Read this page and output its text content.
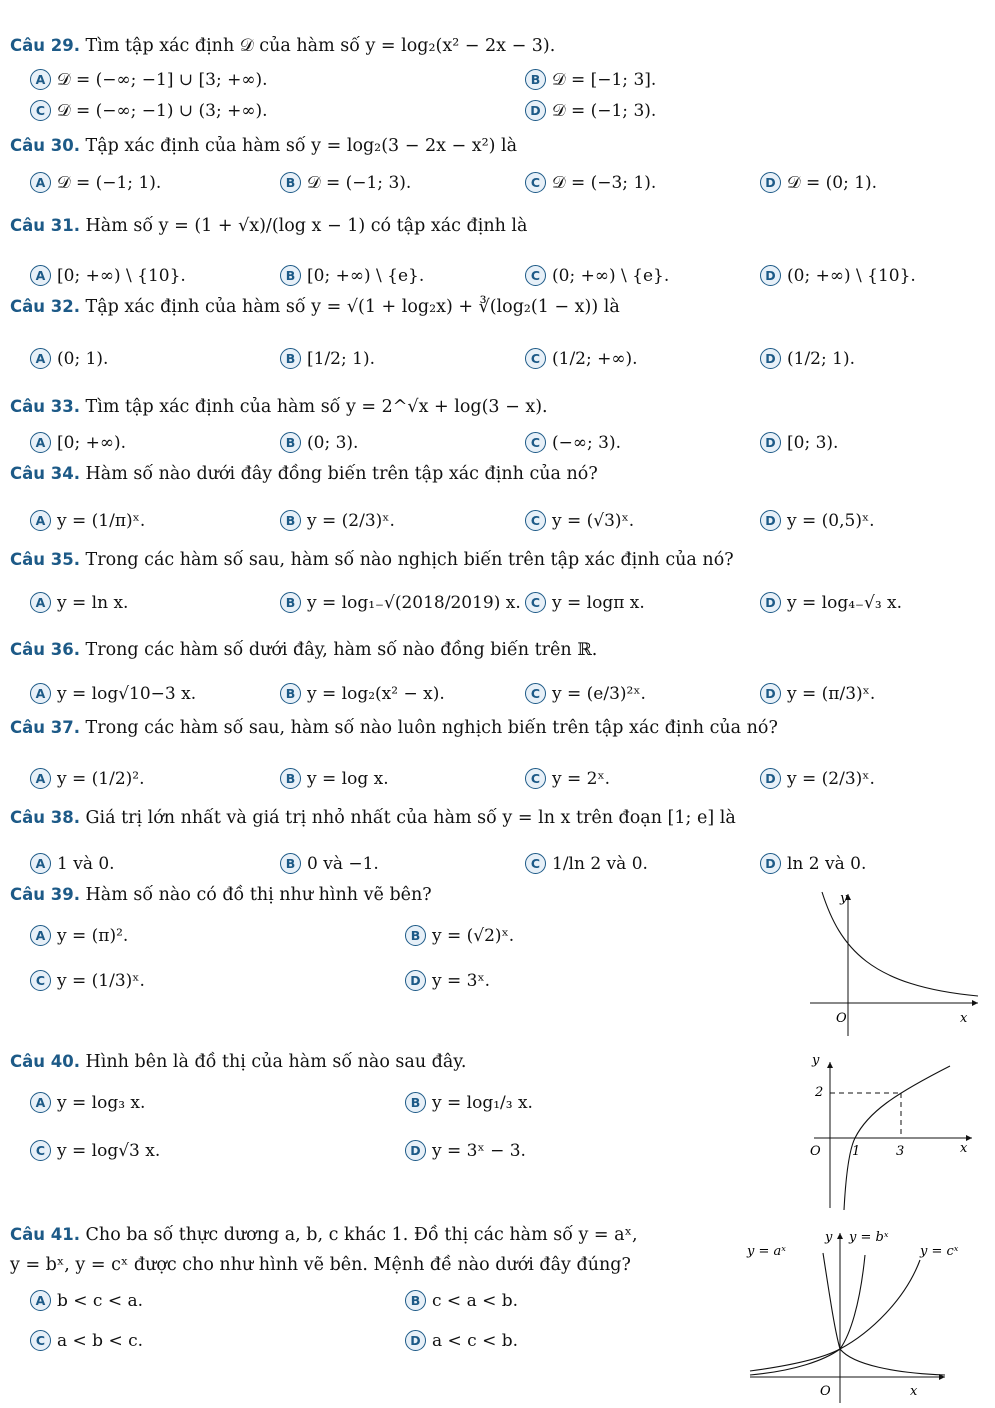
Câu 29. Tìm tập xác định 𝒟 của hàm số y = log₂(x² − 2x − 3).
A 𝒟 = (−∞; −1] ∪ [3; +∞).	B 𝒟 = [−1; 3].
C 𝒟 = (−∞; −1) ∪ (3; +∞).	D 𝒟 = (−1; 3).
Câu 30. Tập xác định của hàm số y = log₂(3 − 2x − x²) là
A 𝒟 = (−1; 1).	B 𝒟 = (−1; 3).	C 𝒟 = (−3; 1).	D 𝒟 = (0; 1).
Câu 31. Hàm số y = (1 + √x)/(log x − 1) có tập xác định là
A [0; +∞) \ {10}.	B [0; +∞) \ {e}.	C (0; +∞) \ {e}.	D (0; +∞) \ {10}.
Câu 32. Tập xác định của hàm số y = √(1 + log₂x) + ∛(log₂(1 − x)) là
A (0; 1).	B [1/2; 1).	C (1/2; +∞).	D (1/2; 1).
Câu 33. Tìm tập xác định của hàm số y = 2^√x + log(3 − x).
A [0; +∞).	B (0; 3).	C (−∞; 3).	D [0; 3).
Câu 34. Hàm số nào dưới đây đồng biến trên tập xác định của nó?
A y = (1/π)ˣ.	B y = (2/3)ˣ.	C y = (√3)ˣ.	D y = (0,5)ˣ.
Câu 35. Trong các hàm số sau, hàm số nào nghịch biến trên tập xác định của nó?
A y = ln x.	B y = log₁₋√(2018/2019) x. C y = logπ x.	D y = log₄₋√₃ x.
Câu 36. Trong các hàm số dưới đây, hàm số nào đồng biến trên ℝ.
A y = log√10−3 x.	B y = log₂(x² − x).	C y = (e/3)²ˣ.	D y = (π/3)ˣ.
Câu 37. Trong các hàm số sau, hàm số nào luôn nghịch biến trên tập xác định của nó?
A y = (1/2)².	B y = log x.	C y = 2ˣ.	D y = (2/3)ˣ.
Câu 38. Giá trị lớn nhất và giá trị nhỏ nhất của hàm số y = ln x trên đoạn [1; e] là
A 1 và 0.	B 0 và −1.	C 1/ln 2 và 0.	D ln 2 và 0.
Câu 39. Hàm số nào có đồ thị như hình vẽ bên?
A y = (π)².	B y = (√2)ˣ.
C y = (1/3)ˣ.	D y = 3ˣ.
Câu 40. Hình bên là đồ thị của hàm số nào sau đây.
A y = log₃ x.	B y = log₁/₃ x.
C y = log√3 x.	D y = 3ˣ − 3.
Câu 41. Cho ba số thực dương a, b, c khác 1. Đồ thị các hàm số y = aˣ,
y = bˣ, y = cˣ được cho như hình vẽ bên. Mệnh đề nào dưới đây đúng?
A b < c < a.	B c < a < b.
C a < b < c.	D a < c < b.
y
O	x
y
2
O 1	3	x
y = aˣ
y y = bˣ
y = cˣ
O	x
